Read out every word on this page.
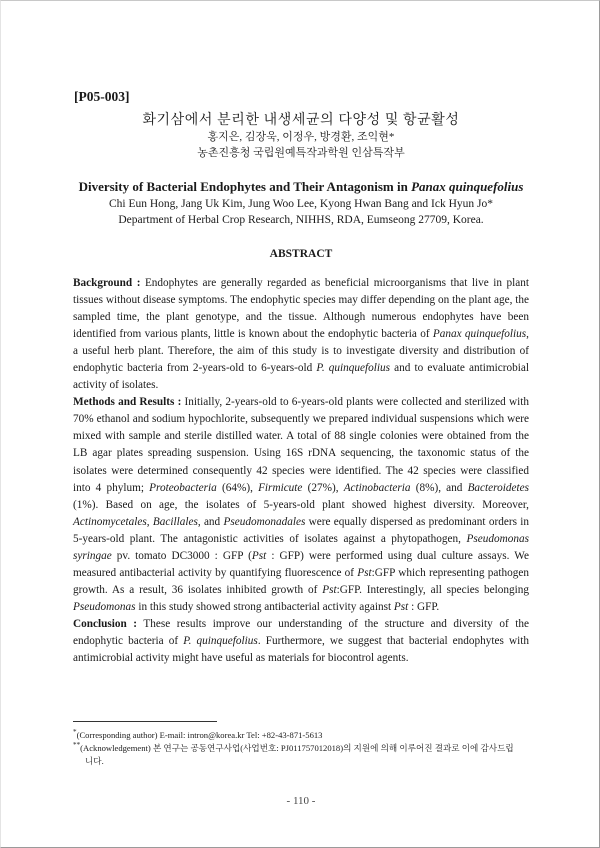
[P05-003]
화기삼에서 분리한 내생세균의 다양성 및 항균활성
홍지은, 김장욱, 이정우, 방경환, 조익현*
농촌진흥청 국립원예특작과학원 인삼특작부
Diversity of Bacterial Endophytes and Their Antagonism in Panax quinquefolius
Chi Eun Hong, Jang Uk Kim, Jung Woo Lee, Kyong Hwan Bang and Ick Hyun Jo*
Department of Herbal Crop Research, NIHHS, RDA, Eumseong 27709, Korea.
ABSTRACT

Background : Endophytes are generally regarded as beneficial microorganisms that live in plant tissues without disease symptoms. The endophytic species may differ depending on the plant age, the sampled time, the plant genotype, and the tissue. Although numerous endophytes have been identified from various plants, little is known about the endophytic bacteria of Panax quinquefolius, a useful herb plant. Therefore, the aim of this study is to investigate diversity and distribution of endophytic bacteria from 2-years-old to 6-years-old P. quinquefolius and to evaluate antimicrobial activity of isolates.

Methods and Results : Initially, 2-years-old to 6-years-old plants were collected and sterilized with 70% ethanol and sodium hypochlorite, subsequently we prepared individual suspensions which were mixed with sample and sterile distilled water. A total of 88 single colonies were obtained from the LB agar plates spreading suspension. Using 16S rDNA sequencing, the taxonomic status of the isolates were determined consequently 42 species were identified. The 42 species were classified into 4 phylum; Proteobacteria (64%), Firmicute (27%), Actinobacteria (8%), and Bacteroidetes (1%). Based on age, the isolates of 5-years-old plant showed highest diversity. Moreover, Actinomycetales, Bacillales, and Pseudomonadales were equally dispersed as predominant orders in 5-years-old plant. The antagonistic activities of isolates against a phytopathogen, Pseudomonas syringae pv. tomato DC3000 : GFP (Pst : GFP) were performed using dual culture assays. We measured antibacterial activity by quantifying fluorescence of Pst:GFP which representing pathogen growth. As a result, 36 isolates inhibited growth of Pst:GFP. Interestingly, all species belonging Pseudomonas in this study showed strong antibacterial activity against Pst : GFP.

Conclusion : These results improve our understanding of the structure and diversity of the endophytic bacteria of P. quinquefolius. Furthermore, we suggest that bacterial endophytes with antimicrobial activity might have useful as materials for biocontrol agents.

*(Corresponding author) E-mail: intron@korea.kr Tel: +82-43-871-5613
**(Acknowledgement) 본 연구는 공동연구사업(사업번호: PJ011757012018)의 지원에 의해 이루어진 결과로 이에 감사드립
니다.
- 110 -
